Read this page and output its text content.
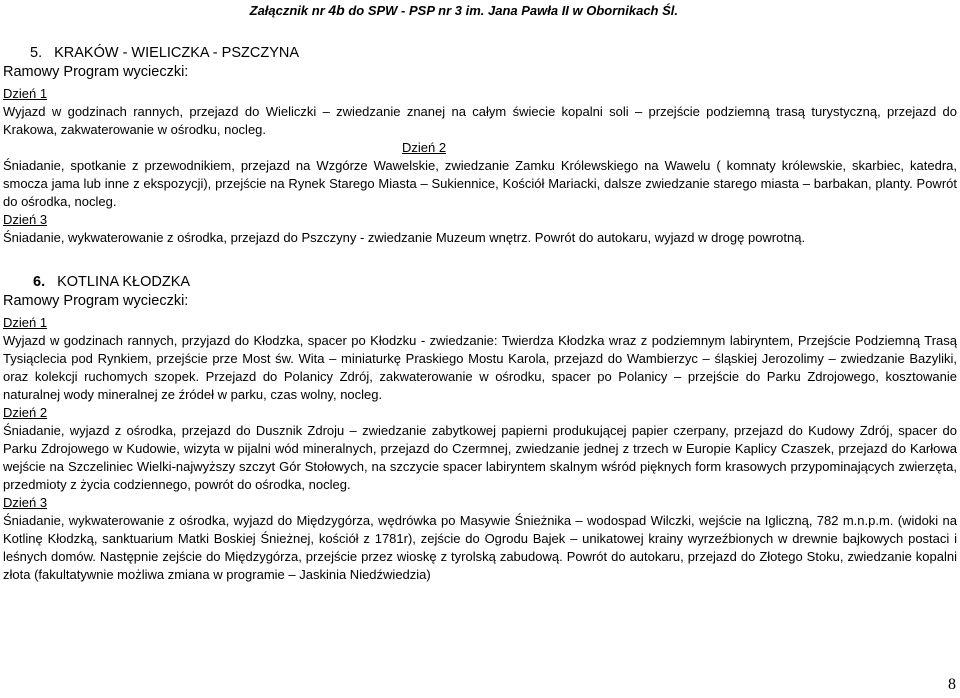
Załącznik nr 4b do SPW - PSP nr 3 im. Jana Pawła II w Obornikach Śl.
5. KRAKÓW - WIELICZKA - PSZCZYNA
Ramowy Program wycieczki:
Dzień 1

Wyjazd w godzinach rannych, przejazd do Wieliczki – zwiedzanie znanej na całym świecie kopalni soli – przejście podziemną trasą turystyczną, przejazd do Krakowa, zakwaterowanie w ośrodku, nocleg.

Dzień 2

Śniadanie, spotkanie z przewodnikiem, przejazd na Wzgórze Wawelskie, zwiedzanie Zamku Królewskiego na Wawelu ( komnaty królewskie, skarbiec, katedra, smocza jama lub inne z ekspozycji), przejście na Rynek Starego Miasta – Sukiennice, Kościół Mariacki, dalsze zwiedzanie starego miasta – barbakan, planty. Powrót do ośrodka, nocleg.

Dzień 3

Śniadanie, wykwaterowanie z ośrodka, przejazd do Pszczyny - zwiedzanie Muzeum wnętrz. Powrót do autokaru, wyjazd w drogę powrotną.

6. KOTLINA KŁODZKA
Ramowy Program wycieczki:
Dzień 1

Wyjazd w godzinach rannych, przyjazd do Kłodzka, spacer po Kłodzku - zwiedzanie: Twierdza Kłodzka wraz z podziemnym labiryntem, Przejście Podziemną Trasą Tysiąclecia pod Rynkiem, przejście prze Most św. Wita – miniaturkę Praskiego Mostu Karola, przejazd do Wambierzyc – śląskiej Jerozolimy – zwiedzanie Bazyliki, oraz kolekcji ruchomych szopek. Przejazd do Polanicy Zdrój, zakwaterowanie w ośrodku, spacer po Polanicy – przejście do Parku Zdrojowego, kosztowanie naturalnej wody mineralnej ze źródeł w parku, czas wolny, nocleg.

Dzień 2

Śniadanie, wyjazd z ośrodka, przejazd do Dusznik Zdroju – zwiedzanie zabytkowej papierni produkującej papier czerpany, przejazd do Kudowy Zdrój, spacer do Parku Zdrojowego w Kudowie, wizyta w pijalni wód mineralnych, przejazd do Czermnej, zwiedzanie jednej z trzech w Europie Kaplicy Czaszek, przejazd do Karłowa wejście na Szczeliniec Wielki-najwyższy szczyt Gór Stołowych, na szczycie spacer labiryntem skalnym wśród pięknych form krasowych przypominających zwierzęta, przedmioty z życia codziennego, powrót do ośrodka, nocleg.

Dzień 3

Śniadanie, wykwaterowanie z ośrodka, wyjazd do Międzygórza, wędrówka po Masywie Śnieżnika – wodospad Wilczki, wejście na Igliczną, 782 m.n.p.m. (widoki na Kotlinę Kłodzką, sanktuarium Matki Boskiej Śnieżnej, kościół z 1781r), zejście do Ogrodu Bajek – unikatowej krainy wyrzeźbionych w drewnie bajkowych postaci i leśnych domów. Następnie zejście do Międzygórza, przejście przez wioskę z tyrolską zabudową. Powrót do autokaru, przejazd do Złotego Stoku, zwiedzanie kopalni złota (fakultatywnie możliwa zmiana w programie – Jaskinia Niedźwiedzia)

8
